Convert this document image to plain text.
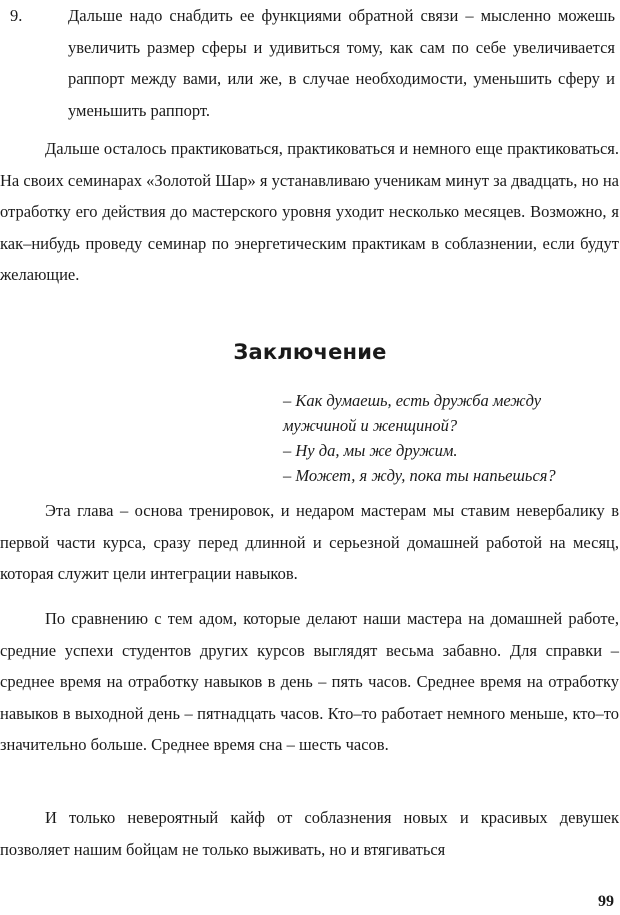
9.	Дальше надо снабдить ее функциями обратной связи – мысленно можешь увеличить размер сферы и удивиться тому, как сам по себе увеличивается раппорт между вами, или же, в случае необходимости, уменьшить сферу и уменьшить раппорт.

Дальше осталось практиковаться, практиковаться и немного еще практиковаться. На своих семинарах «Золотой Шар» я устанавливаю ученикам минут за двадцать, но на отработку его действия до мастерского уровня уходит несколько месяцев. Возможно, я как–нибудь проведу семинар по энергетическим практикам в соблазнении, если будут желающие.

Заключение
– Как думаешь, есть дружба между
мужчиной и женщиной?
– Ну да, мы же дружим.
– Может, я жду, пока ты напьешься?

Эта глава – основа тренировок, и недаром мастерам мы ставим невербалику в первой части курса, сразу перед длинной и серьезной домашней работой на месяц, которая служит цели интеграции навыков.

По сравнению с тем адом, которые делают наши мастера на домашней работе, средние успехи студентов других курсов выглядят весьма забавно. Для справки – среднее время на отработку навыков в день – пять часов. Среднее время на отработку навыков в выходной день – пятнадцать часов. Кто–то работает немного меньше, кто–то значительно больше. Среднее время сна – шесть часов.

И только невероятный кайф от соблазнения новых и красивых девушек позволяет нашим бойцам не только выживать, но и втягиваться

99
